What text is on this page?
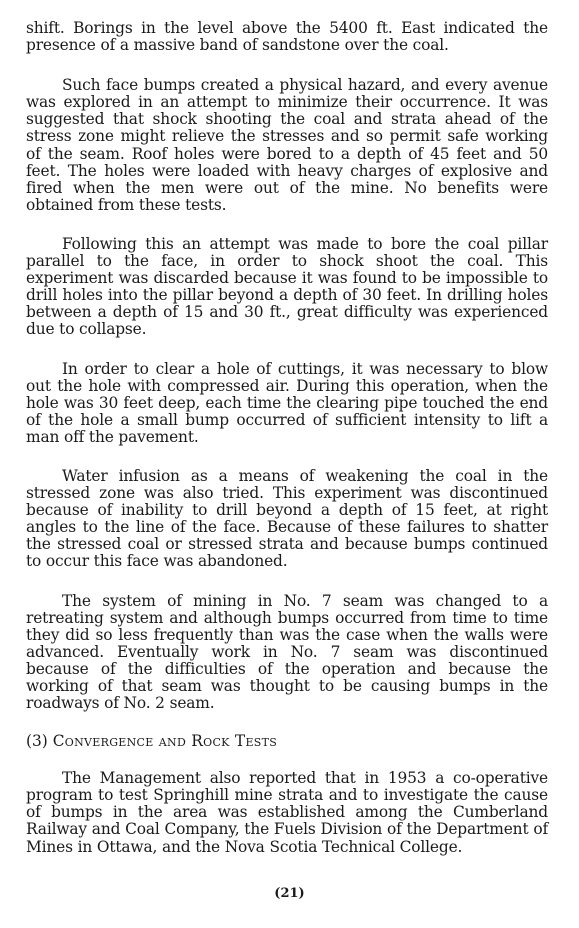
shift. Borings in the level above the 5400 ft. East indicated the presence of a massive band of sandstone over the coal.

Such face bumps created a physical hazard, and every avenue was explored in an attempt to minimize their occurrence. It was suggested that shock shooting the coal and strata ahead of the stress zone might relieve the stresses and so permit safe working of the seam. Roof holes were bored to a depth of 45 feet and 50 feet. The holes were loaded with heavy charges of explosive and fired when the men were out of the mine. No benefits were obtained from these tests.

Following this an attempt was made to bore the coal pillar parallel to the face, in order to shock shoot the coal. This experiment was discarded because it was found to be impossible to drill holes into the pillar beyond a depth of 30 feet. In drilling holes between a depth of 15 and 30 ft., great difficulty was experienced due to collapse.

In order to clear a hole of cuttings, it was necessary to blow out the hole with compressed air. During this operation, when the hole was 30 feet deep, each time the clearing pipe touched the end of the hole a small bump occurred of sufficient intensity to lift a man off the pavement.

Water infusion as a means of weakening the coal in the stressed zone was also tried. This experiment was discontinued because of inability to drill beyond a depth of 15 feet, at right angles to the line of the face. Because of these failures to shatter the stressed coal or stressed strata and because bumps continued to occur this face was abandoned.

The system of mining in No. 7 seam was changed to a retreating system and although bumps occurred from time to time they did so less frequently than was the case when the walls were advanced. Eventually work in No. 7 seam was discontinued because of the difficulties of the operation and because the working of that seam was thought to be causing bumps in the roadways of No. 2 seam.

(3) Convergence and Rock Tests

The Management also reported that in 1953 a co-operative program to test Springhill mine strata and to investigate the cause of bumps in the area was established among the Cumberland Railway and Coal Company, the Fuels Division of the Department of Mines in Ottawa, and the Nova Scotia Technical College.

(21)
